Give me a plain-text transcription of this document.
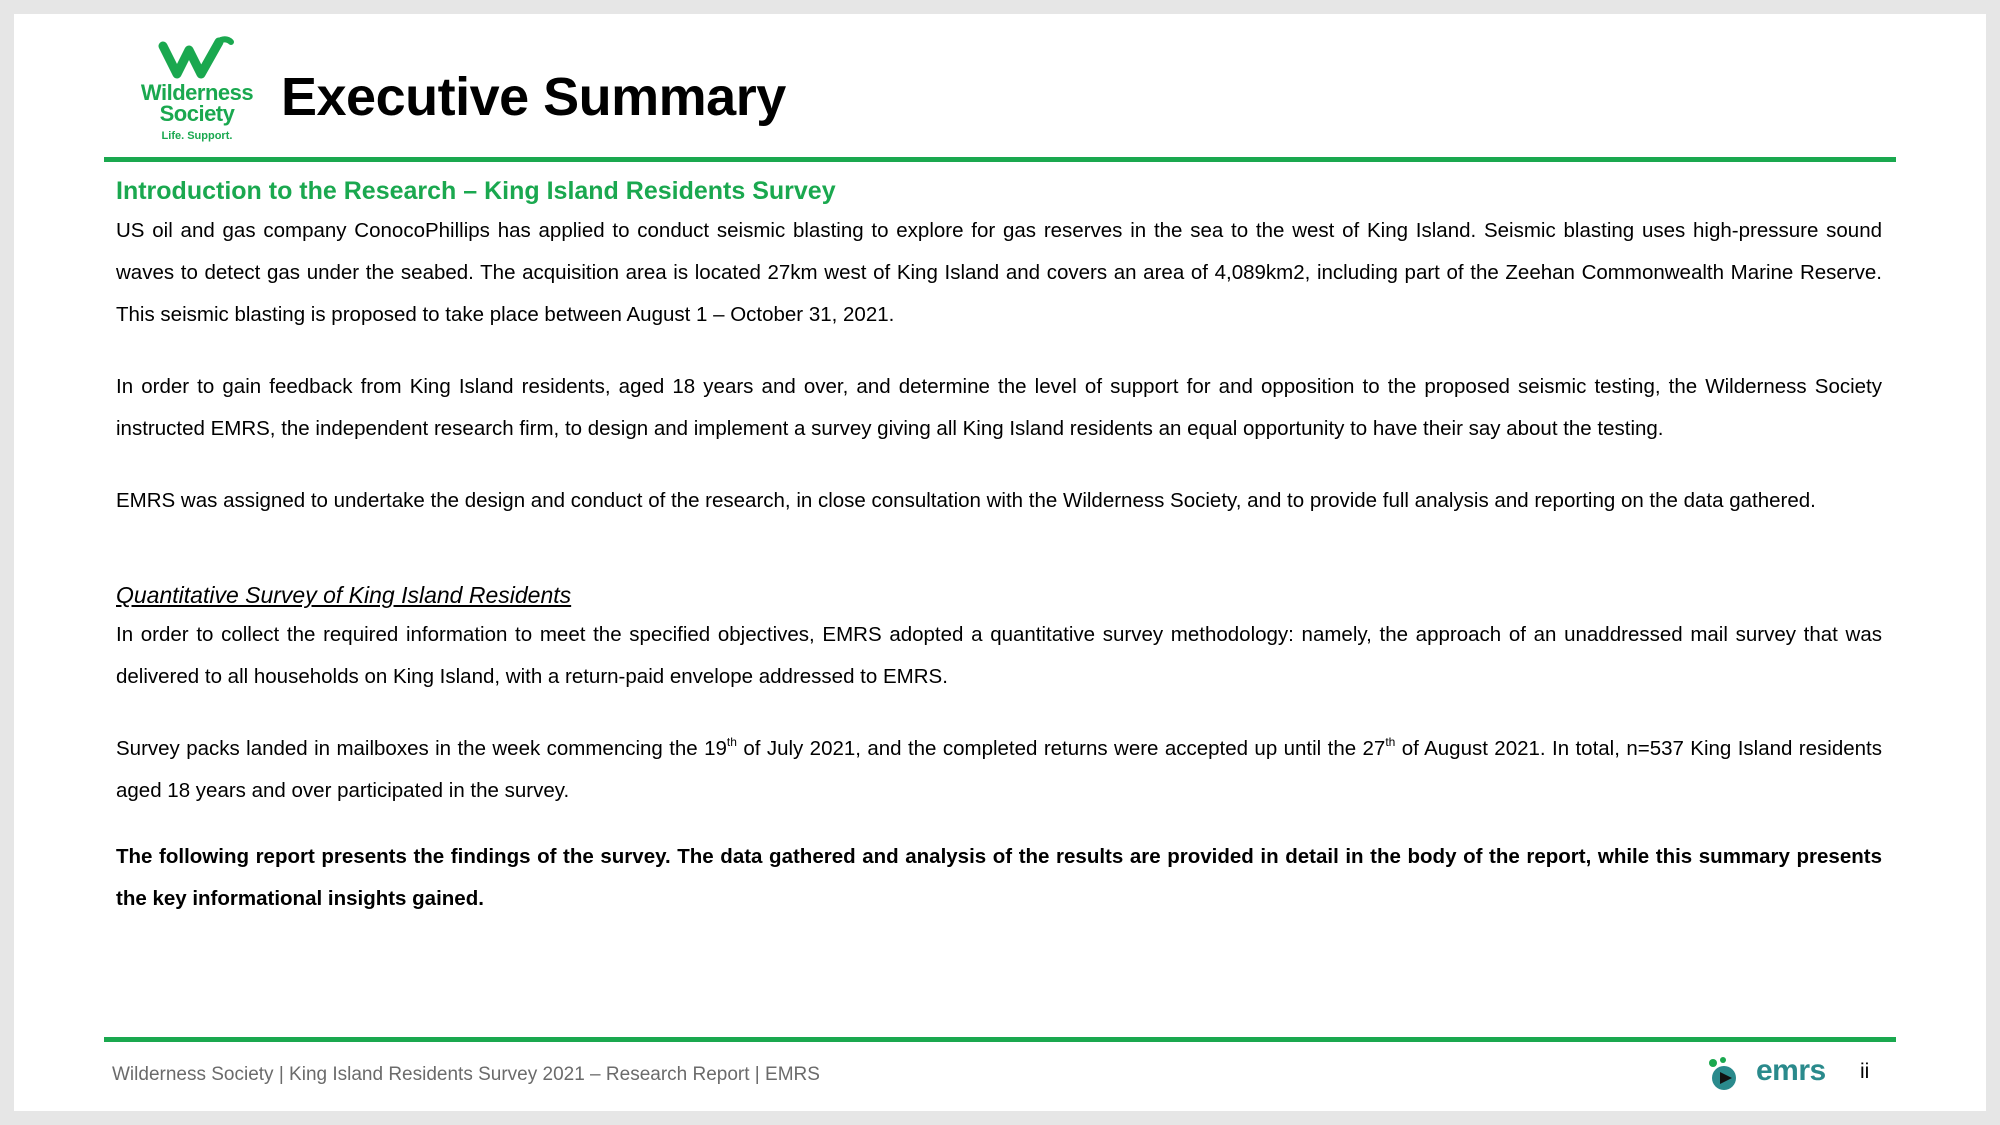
Wilderness
Society
Life. Support.
Executive Summary
Introduction to the Research – King Island Residents Survey

US oil and gas company ConocoPhillips has applied to conduct seismic blasting to explore for gas reserves in the sea to the west of King Island. Seismic blasting uses high-pressure sound waves to detect gas under the seabed. The acquisition area is located 27km west of King Island and covers an area of 4,089km2, including part of the Zeehan Commonwealth Marine Reserve. This seismic blasting is proposed to take place between August 1 – October 31, 2021.

In order to gain feedback from King Island residents, aged 18 years and over, and determine the level of support for and opposition to the proposed seismic testing, the Wilderness Society instructed EMRS, the independent research firm, to design and implement a survey giving all King Island residents an equal opportunity to have their say about the testing.

EMRS was assigned to undertake the design and conduct of the research, in close consultation with the Wilderness Society, and to provide full analysis and reporting on the data gathered.

Quantitative Survey of King Island Residents

In order to collect the required information to meet the specified objectives, EMRS adopted a quantitative survey methodology: namely, the approach of an unaddressed mail survey that was delivered to all households on King Island, with a return-paid envelope addressed to EMRS.

Survey packs landed in mailboxes in the week commencing the 19th of July 2021, and the completed returns were accepted up until the 27th of August 2021. In total, n=537 King Island residents aged 18 years and over participated in the survey.

The following report presents the findings of the survey. The data gathered and analysis of the results are provided in detail in the body of the report, while this summary presents the key informational insights gained.

Wilderness Society | King Island Residents Survey 2021 – Research Report | EMRS	emrs ii
